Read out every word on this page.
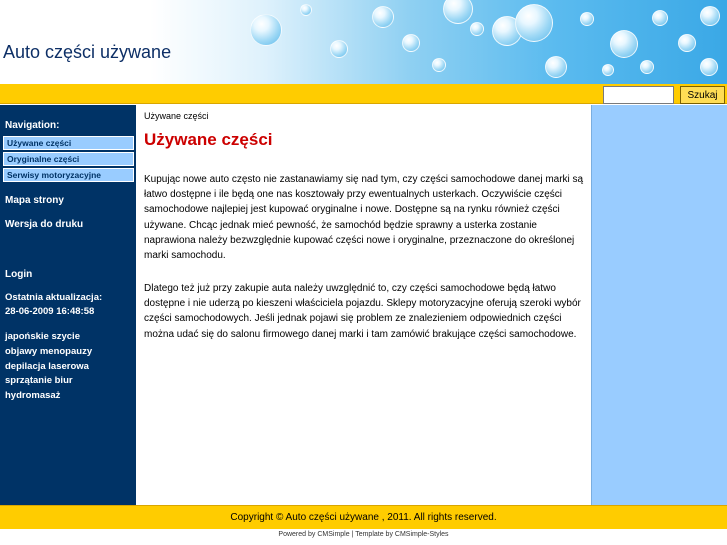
Auto części używane
Szukaj
Navigation:
Używane części
Oryginalne części
Serwisy motoryzacyjne
Mapa strony
Wersja do druku
Login
Ostatnia aktualizacja:
28-06-2009 16:48:58
japońskie szycie
objawy menopauzy
depilacja laserowa
sprzątanie biur
hydromasaż
Używane części
Używane części

Kupując nowe auto często nie zastanawiamy się nad tym, czy części samochodowe danej marki są łatwo dostępne i ile będą one nas kosztowały przy ewentualnych usterkach. Oczywiście części samochodowe najlepiej jest kupować oryginalne i nowe. Dostępne są na rynku również części używane. Chcąc jednak mieć pewność, że samochód będzie sprawny a usterka zostanie naprawiona należy bezwzględnie kupować części nowe i oryginalne, przeznaczone do określonej marki samochodu.

Dlatego też już przy zakupie auta należy uwzględnić to, czy części samochodowe będą łatwo dostępne i nie uderzą po kieszeni właściciela pojazdu. Sklepy motoryzacyjne oferują szeroki wybór części samochodowych. Jeśli jednak pojawi się problem ze znalezieniem odpowiednich części można udać się do salonu firmowego danej marki i tam zamówić brakujące części samochodowe.

Copyright © Auto części używane , 2011. All rights reserved.
Powered by CMSimple | Template by CMSimple-Styles
